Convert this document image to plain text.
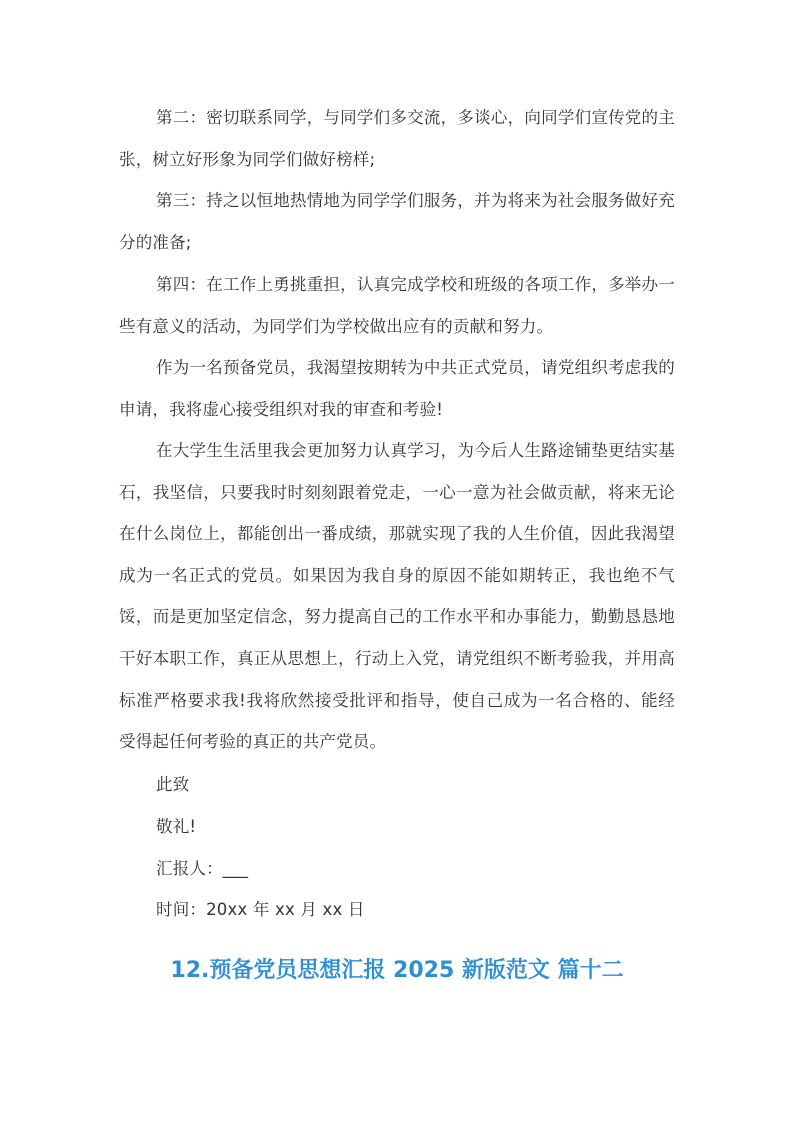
第二：密切联系同学，与同学们多交流，多谈心，向同学们宣传党的主张，树立好形象为同学们做好榜样;

第三：持之以恒地热情地为同学学们服务，并为将来为社会服务做好充分的准备;

第四：在工作上勇挑重担，认真完成学校和班级的各项工作，多举办一些有意义的活动，为同学们为学校做出应有的贡献和努力。

作为一名预备党员，我渴望按期转为中共正式党员，请党组织考虑我的申请，我将虚心接受组织对我的审查和考验!

在大学生生活里我会更加努力认真学习，为今后人生路途铺垫更结实基石，我坚信，只要我时时刻刻跟着党走，一心一意为社会做贡献，将来无论在什么岗位上，都能创出一番成绩，那就实现了我的人生价值，因此我渴望成为一名正式的党员。如果因为我自身的原因不能如期转正，我也绝不气馁，而是更加坚定信念，努力提高自己的工作水平和办事能力，勤勤恳恳地干好本职工作，真正从思想上，行动上入党，请党组织不断考验我，并用高标准严格要求我!我将欣然接受批评和指导，使自己成为一名合格的、能经受得起任何考验的真正的共产党员。

此致

敬礼!

汇报人：___

时间：20xx 年 xx 月 xx 日

12.预备党员思想汇报 2025 新版范文 篇十二
